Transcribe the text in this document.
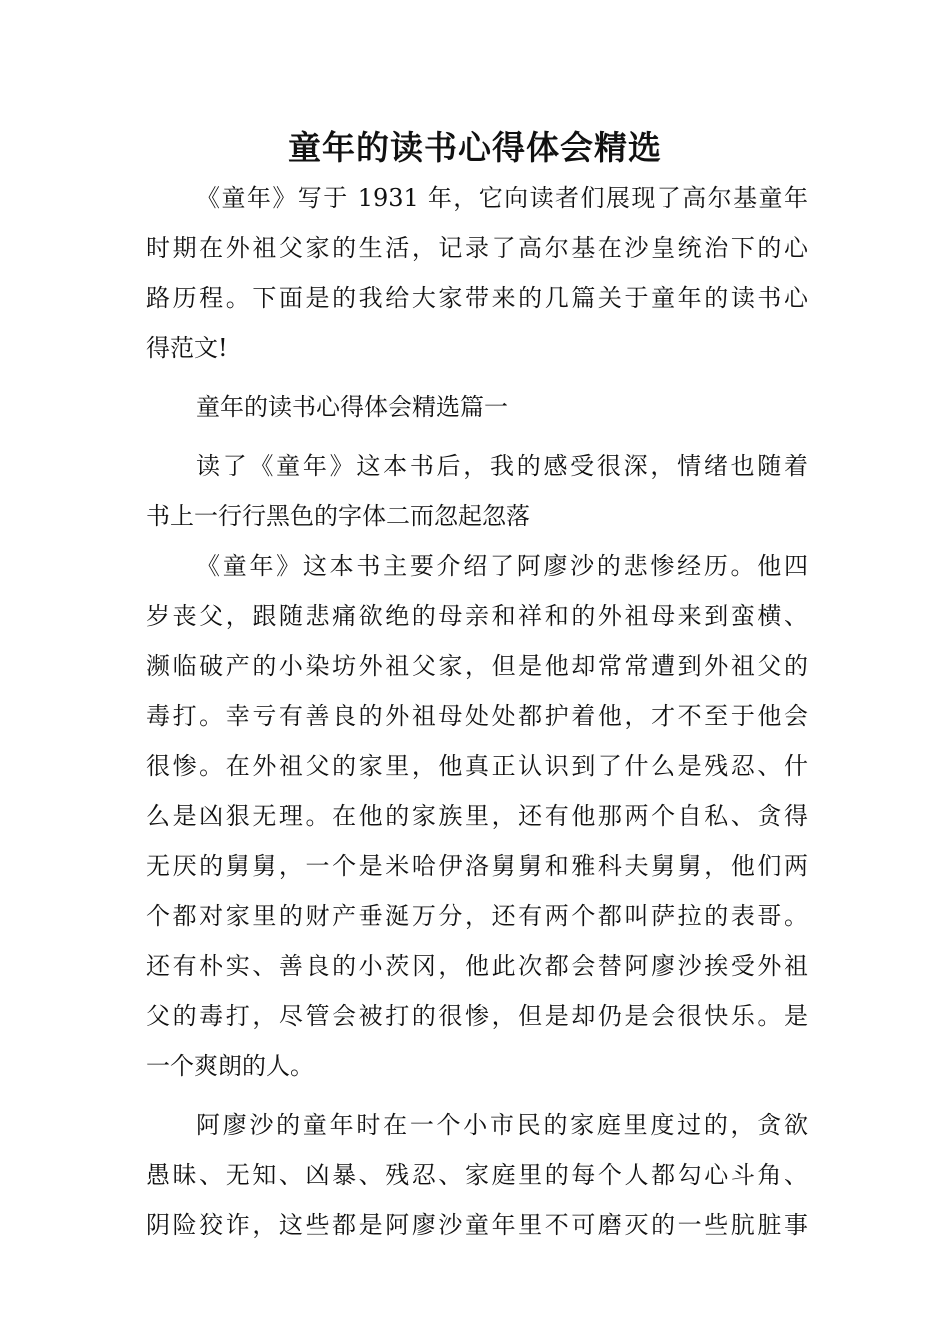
童年的读书心得体会精选
《童年》写于 1931 年，它向读者们展现了高尔基童年
时期在外祖父家的生活，记录了高尔基在沙皇统治下的心
路历程。下面是的我给大家带来的几篇关于童年的读书心
得范文!
童年的读书心得体会精选篇一
读了《童年》这本书后，我的感受很深，情绪也随着
书上一行行黑色的字体二而忽起忽落
《童年》这本书主要介绍了阿廖沙的悲惨经历。他四
岁丧父，跟随悲痛欲绝的母亲和祥和的外祖母来到蛮横、
濒临破产的小染坊外祖父家，但是他却常常遭到外祖父的
毒打。幸亏有善良的外祖母处处都护着他，才不至于他会
很惨。在外祖父的家里，他真正认识到了什么是残忍、什
么是凶狠无理。在他的家族里，还有他那两个自私、贪得
无厌的舅舅，一个是米哈伊洛舅舅和雅科夫舅舅，他们两
个都对家里的财产垂涎万分，还有两个都叫萨拉的表哥。
还有朴实、善良的小茨冈，他此次都会替阿廖沙挨受外祖
父的毒打，尽管会被打的很惨，但是却仍是会很快乐。是
一个爽朗的人。
阿廖沙的童年时在一个小市民的家庭里度过的，贪欲
愚昧、无知、凶暴、残忍、家庭里的每个人都勾心斗角、
阴险狡诈，这些都是阿廖沙童年里不可磨灭的一些肮脏事
